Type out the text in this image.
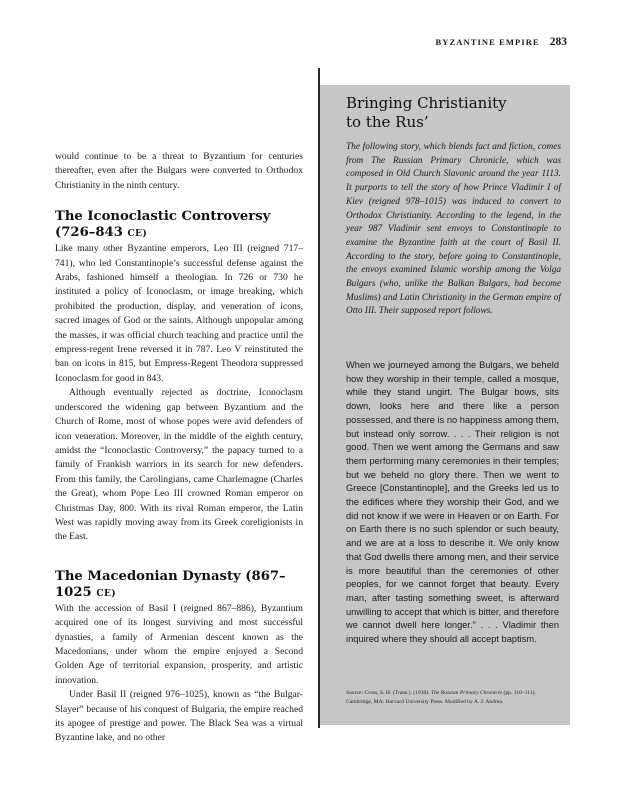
BYZANTINE EMPIRE 283

would continue to be a threat to Byzantium for centuries thereafter, even after the Bulgars were converted to Orthodox Christianity in the ninth century.

The Iconoclastic Controversy (726–843 CE)

Like many other Byzantine emperors, Leo III (reigned 717–741), who led Constantinople’s successful defense against the Arabs, fashioned himself a theologian. In 726 or 730 he instituted a policy of Iconoclasm, or image breaking, which prohibited the production, display, and veneration of icons, sacred images of God or the saints. Although unpopular among the masses, it was official church teaching and practice until the empress-regent Irene reversed it in 787. Leo V reinstituted the ban on icons in 815, but Empress-Regent Theodora suppressed Iconoclasm for good in 843.

Although eventually rejected as doctrine, Iconoclasm underscored the widening gap between Byzantium and the Church of Rome, most of whose popes were avid defenders of icon veneration. Moreover, in the middle of the eighth century, amidst the “Iconoclastic Controversy,” the papacy turned to a family of Frankish warriors in its search for new defenders. From this family, the Carolingians, came Charlemagne (Charles the Great), whom Pope Leo III crowned Roman emperor on Christmas Day, 800. With its rival Roman emperor, the Latin West was rapidly moving away from its Greek coreligionists in the East.

The Macedonian Dynasty (867–1025 CE)

With the accession of Basil I (reigned 867–886), Byzantium acquired one of its longest surviving and most successful dynasties, a family of Armenian descent known as the Macedonians, under whom the empire enjoyed a Second Golden Age of territorial expansion, prosperity, and artistic innovation.

Under Basil II (reigned 976–1025), known as “the Bulgar-Slayer” because of his conquest of Bulgaria, the empire reached its apogee of prestige and power. The Black Sea was a virtual Byzantine lake, and no other

Bringing Christianity
to the Rus’

The following story, which blends fact and fiction, comes from The Russian Primary Chronicle, which was composed in Old Church Slavonic around the year 1113. It purports to tell the story of how Prince Vladimir I of Kiev (reigned 978–1015) was induced to convert to Orthodox Christianity. According to the legend, in the year 987 Vladimir sent envoys to Constantinople to examine the Byzantine faith at the court of Basil II. According to the story, before going to Constantinople, the envoys examined Islamic worship among the Volga Bulgars (who, unlike the Balkan Bulgars, had become Muslims) and Latin Christianity in the German empire of Otto III. Their supposed report follows.

When we journeyed among the Bulgars, we beheld how they worship in their temple, called a mosque, while they stand ungirt. The Bulgar bows, sits down, looks here and there like a person possessed, and there is no happiness among them, but instead only sorrow. . . . Their religion is not good. Then we went among the Germans and saw them performing many ceremonies in their temples; but we beheld no glory there. Then we went to Greece [Constantinople], and the Greeks led us to the edifices where they worship their God, and we did not know if we were in Heaven or on Earth. For on Earth there is no such splendor or such beauty, and we are at a loss to describe it. We only know that God dwells there among men, and their service is more beautiful than the ceremonies of other peoples, for we cannot forget that beauty. Every man, after tasting something sweet, is afterward unwilling to accept that which is bitter, and therefore we cannot dwell here longer.” . . . Vladimir then inquired where they should all accept baptism.

Source: Cross, S. H. (Trans.). (1930). The Russian Primary Chronicle (pp. 110–111). Cambridge, MA: Harvard University Press. Modified by A. J. Andrea.
